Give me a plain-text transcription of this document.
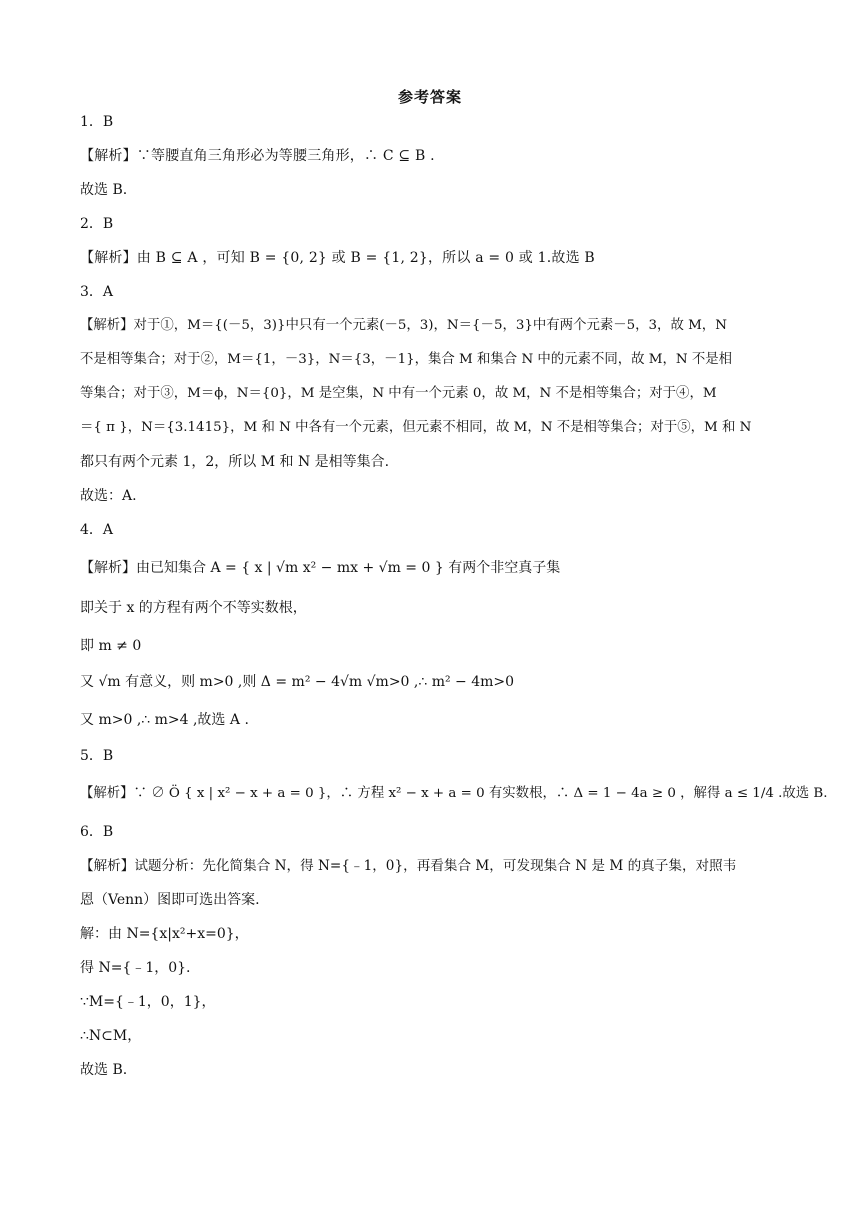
参考答案
1．B
【解析】∵等腰直角三角形必为等腰三角形，∴ C ⊆ B .
故选 B.
2．B
【解析】由 B ⊆ A ，可知 B = {0, 2} 或 B = {1, 2}，所以 a = 0 或 1.故选 B
3．A
【解析】对于①，M＝{(－5，3)}中只有一个元素(－5，3)，N＝{－5，3}中有两个元素－5，3，故 M，N
不是相等集合；对于②，M＝{1，－3}，N＝{3，－1}，集合 M 和集合 N 中的元素不同，故 M，N 不是相
等集合；对于③，M＝ϕ，N＝{0}，M 是空集，N 中有一个元素 0，故 M，N 不是相等集合；对于④，M
＝{ π }，N＝{3.1415}，M 和 N 中各有一个元素，但元素不相同，故 M，N 不是相等集合；对于⑤，M 和 N
都只有两个元素 1，2，所以 M 和 N 是相等集合.
故选：A.
4．A
【解析】由已知集合 A = { x | √m x² − mx + √m = 0 } 有两个非空真子集
即关于 x 的方程有两个不等实数根，
即 m ≠ 0
又 √m 有意义，则 m>0 ,则 Δ = m² − 4√m √m>0 ,∴ m² − 4m>0
又 m>0 ,∴ m>4 ,故选 A .
5．B
【解析】∵ ∅ Ö { x | x² − x + a = 0 }，∴ 方程 x² − x + a = 0 有实数根，∴ Δ = 1 − 4a ≥ 0 ，解得 a ≤ 1/4 .故选 B.
6．B
【解析】试题分析：先化简集合 N，得 N={﹣1，0}，再看集合 M，可发现集合 N 是 M 的真子集，对照韦
恩（Venn）图即可选出答案.
解：由 N={x|x²+x=0}，
得 N={﹣1，0}.
∵M={﹣1，0，1}，
∴N⊂M，
故选 B.
